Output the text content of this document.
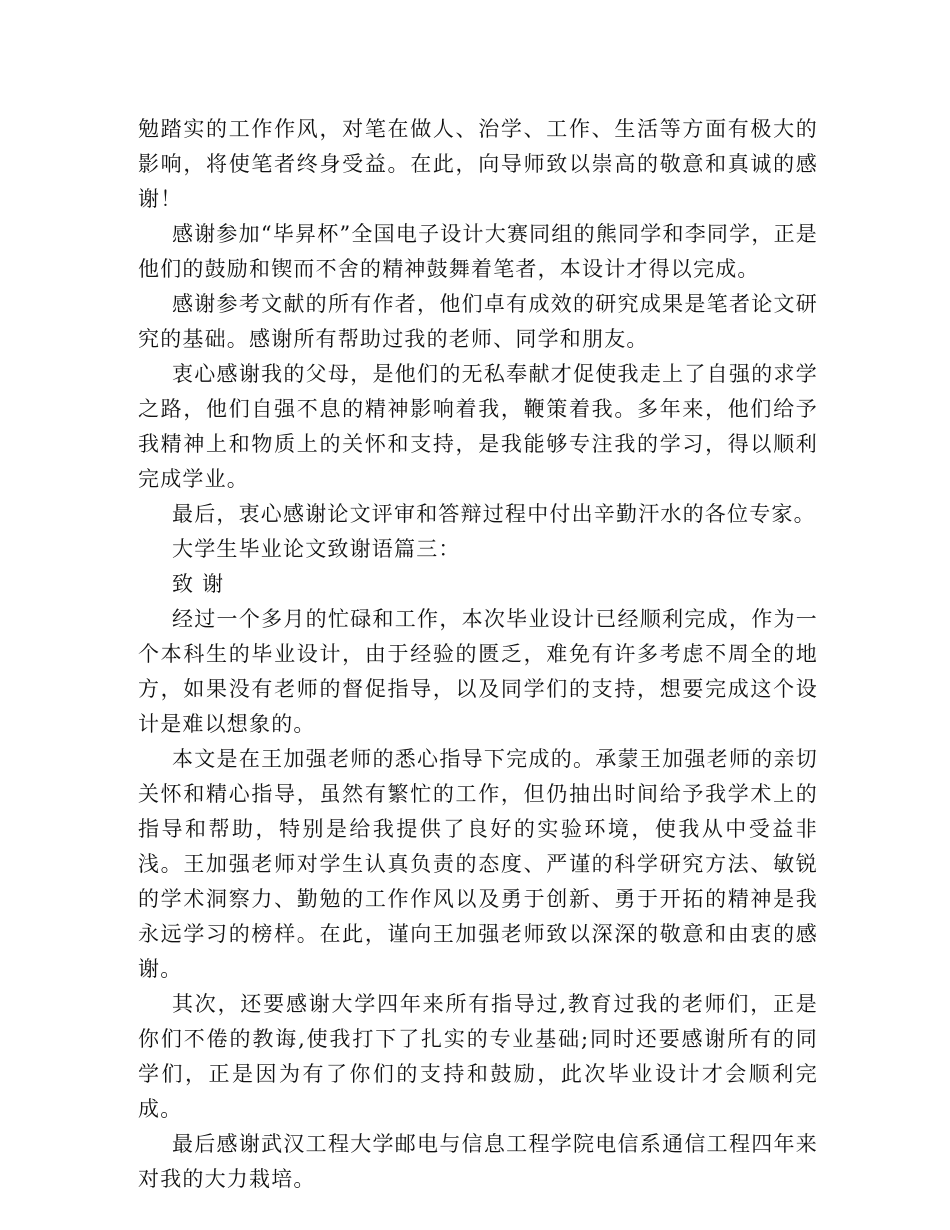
勉踏实的工作作风，对笔在做人、治学、工作、生活等方面有极大的影响，将使笔者终身受益。在此，向导师致以崇高的敬意和真诚的感谢！

感谢参加“毕昇杯”全国电子设计大赛同组的熊同学和李同学，正是他们的鼓励和锲而不舍的精神鼓舞着笔者，本设计才得以完成。

感谢参考文献的所有作者，他们卓有成效的研究成果是笔者论文研究的基础。感谢所有帮助过我的老师、同学和朋友。

衷心感谢我的父母，是他们的无私奉献才促使我走上了自强的求学之路，他们自强不息的精神影响着我，鞭策着我。多年来，他们给予我精神上和物质上的关怀和支持，是我能够专注我的学习，得以顺利完成学业。

最后，衷心感谢论文评审和答辩过程中付出辛勤汗水的各位专家。

大学生毕业论文致谢语篇三：

致 谢

经过一个多月的忙碌和工作，本次毕业设计已经顺利完成，作为一个本科生的毕业设计，由于经验的匮乏，难免有许多考虑不周全的地方，如果没有老师的督促指导，以及同学们的支持，想要完成这个设计是难以想象的。

本文是在王加强老师的悉心指导下完成的。承蒙王加强老师的亲切关怀和精心指导，虽然有繁忙的工作，但仍抽出时间给予我学术上的指导和帮助，特别是给我提供了良好的实验环境，使我从中受益非浅。王加强老师对学生认真负责的态度、严谨的科学研究方法、敏锐的学术洞察力、勤勉的工作作风以及勇于创新、勇于开拓的精神是我永远学习的榜样。在此，谨向王加强老师致以深深的敬意和由衷的感谢。

其次，还要感谢大学四年来所有指导过,教育过我的老师们，正是你们不倦的教诲,使我打下了扎实的专业基础;同时还要感谢所有的同学们，正是因为有了你们的支持和鼓励，此次毕业设计才会顺利完成。

最后感谢武汉工程大学邮电与信息工程学院电信系通信工程四年来对我的大力栽培。
